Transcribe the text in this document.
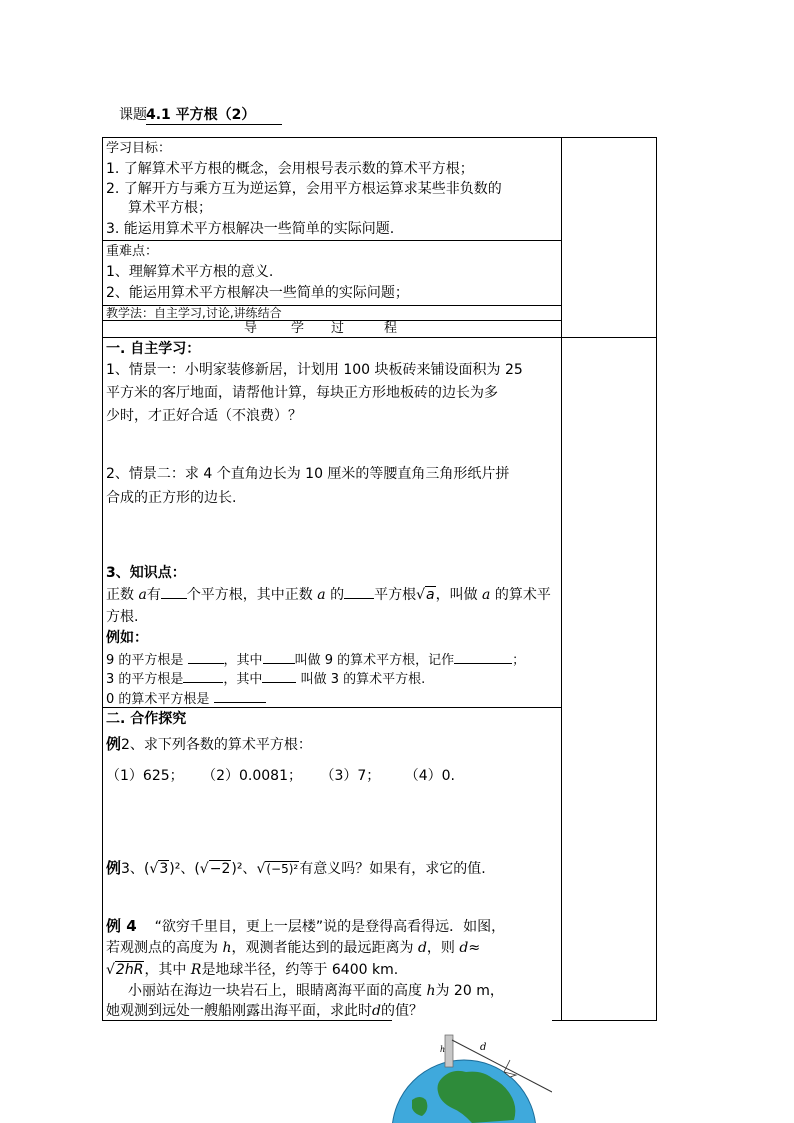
课题 4.1 平方根（2）
学习目标：
1. 了解算术平方根的概念，会用根号表示数的算术平方根；
2. 了解开方与乘方互为逆运算，会用平方根运算求某些非负数的
算术平方根；
3. 能运用算术平方根解决一些简单的实际问题.
重难点：
1、理解算术平方根的意义.
2、能运用算术平方根解决一些简单的实际问题；
教学法：自主学习,讨论,讲练结合
导	学 过	程
一. 自主学习：
1、情景一：小明家装修新居，计划用 100 块板砖来铺设面积为 25
平方米的客厅地面，请帮他计算，每块正方形地板砖的边长为多
少时，才正好合适（不浪费）？
2、情景二：求 4 个直角边长为 10 厘米的等腰直角三角形纸片拼
合成的正方形的边长.
3、知识点：
正数 a有 个平方根，其中正数 a 的 平方根√a，叫做 a 的算术平
方根.
例如：
9 的平方根是	，其中 叫做 9 的算术平方根，记作	；
3 的平方根是	，其中	叫做 3 的算术平方根.
0 的算术平方根是
二. 合作探究
例2、求下列各数的算术平方根：
（1）625； （2）0.0081； （3）7； （4）0.
例3、(√3)²、(√−2)²、√(−5)²有意义吗？如果有，求它的值.
例 4 “欲穷千里目，更上一层楼”说的是登得高看得远．如图，
若观测点的高度为 h，观测者能达到的最远距离为 d，则 d≈
√2hR，其中 R是地球半径，约等于 6400 km.
小丽站在海边一块岩石上，眼睛离海平面的高度 h为 20 m，
她观测到远处一艘船刚露出海平面，求此时d的值？
d
h
